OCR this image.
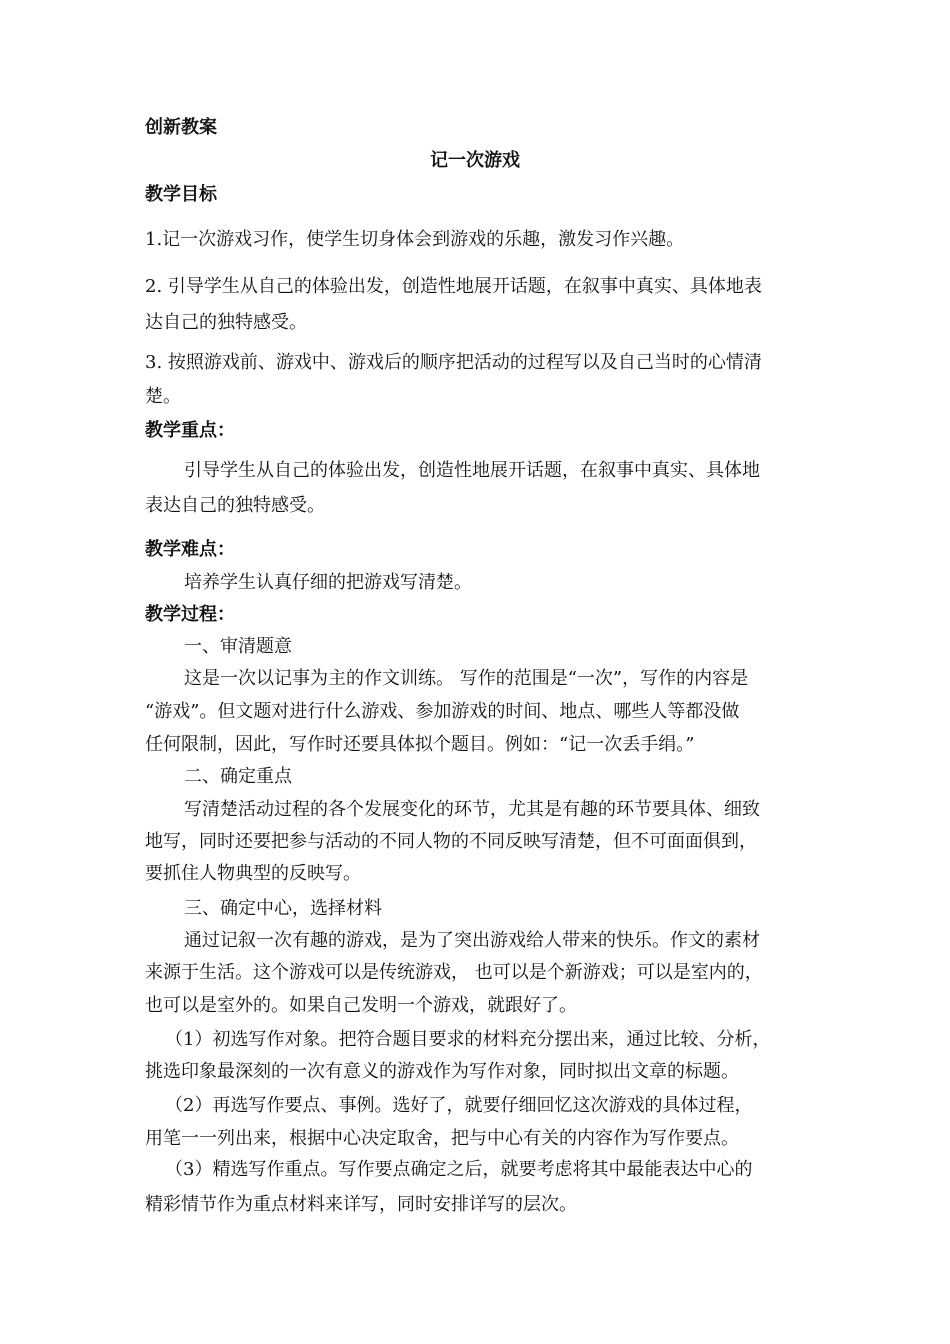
创新教案
记一次游戏
教学目标
1.记一次游戏习作，使学生切身体会到游戏的乐趣，激发习作兴趣。
2. 引导学生从自己的体验出发，创造性地展开话题，在叙事中真实、具体地表
达自己的独特感受。
3. 按照游戏前、游戏中、游戏后的顺序把活动的过程写以及自己当时的心情清
楚。
教学重点：
引导学生从自己的体验出发，创造性地展开话题，在叙事中真实、具体地
表达自己的独特感受。
教学难点：
培养学生认真仔细的把游戏写清楚。
教学过程：
一、审清题意
这是一次以记事为主的作文训练。 写作的范围是“一次”，写作的内容是
“游戏”。但文题对进行什么游戏、参加游戏的时间、地点、哪些人等都没做
任何限制，因此，写作时还要具体拟个题目。例如：“记一次丢手绢。”
二、确定重点
写清楚活动过程的各个发展变化的环节，尤其是有趣的环节要具体、细致
地写，同时还要把参与活动的不同人物的不同反映写清楚，但不可面面俱到，
要抓住人物典型的反映写。
三、确定中心，选择材料
通过记叙一次有趣的游戏，是为了突出游戏给人带来的快乐。作文的素材
来源于生活。这个游戏可以是传统游戏， 也可以是个新游戏；可以是室内的，
也可以是室外的。如果自己发明一个游戏，就跟好了。
（1）初选写作对象。把符合题目要求的材料充分摆出来，通过比较、分析，
挑选印象最深刻的一次有意义的游戏作为写作对象，同时拟出文章的标题。
（2）再选写作要点、事例。选好了，就要仔细回忆这次游戏的具体过程，
用笔一一列出来，根据中心决定取舍，把与中心有关的内容作为写作要点。
（3）精选写作重点。写作要点确定之后，就要考虑将其中最能表达中心的
精彩情节作为重点材料来详写，同时安排详写的层次。
